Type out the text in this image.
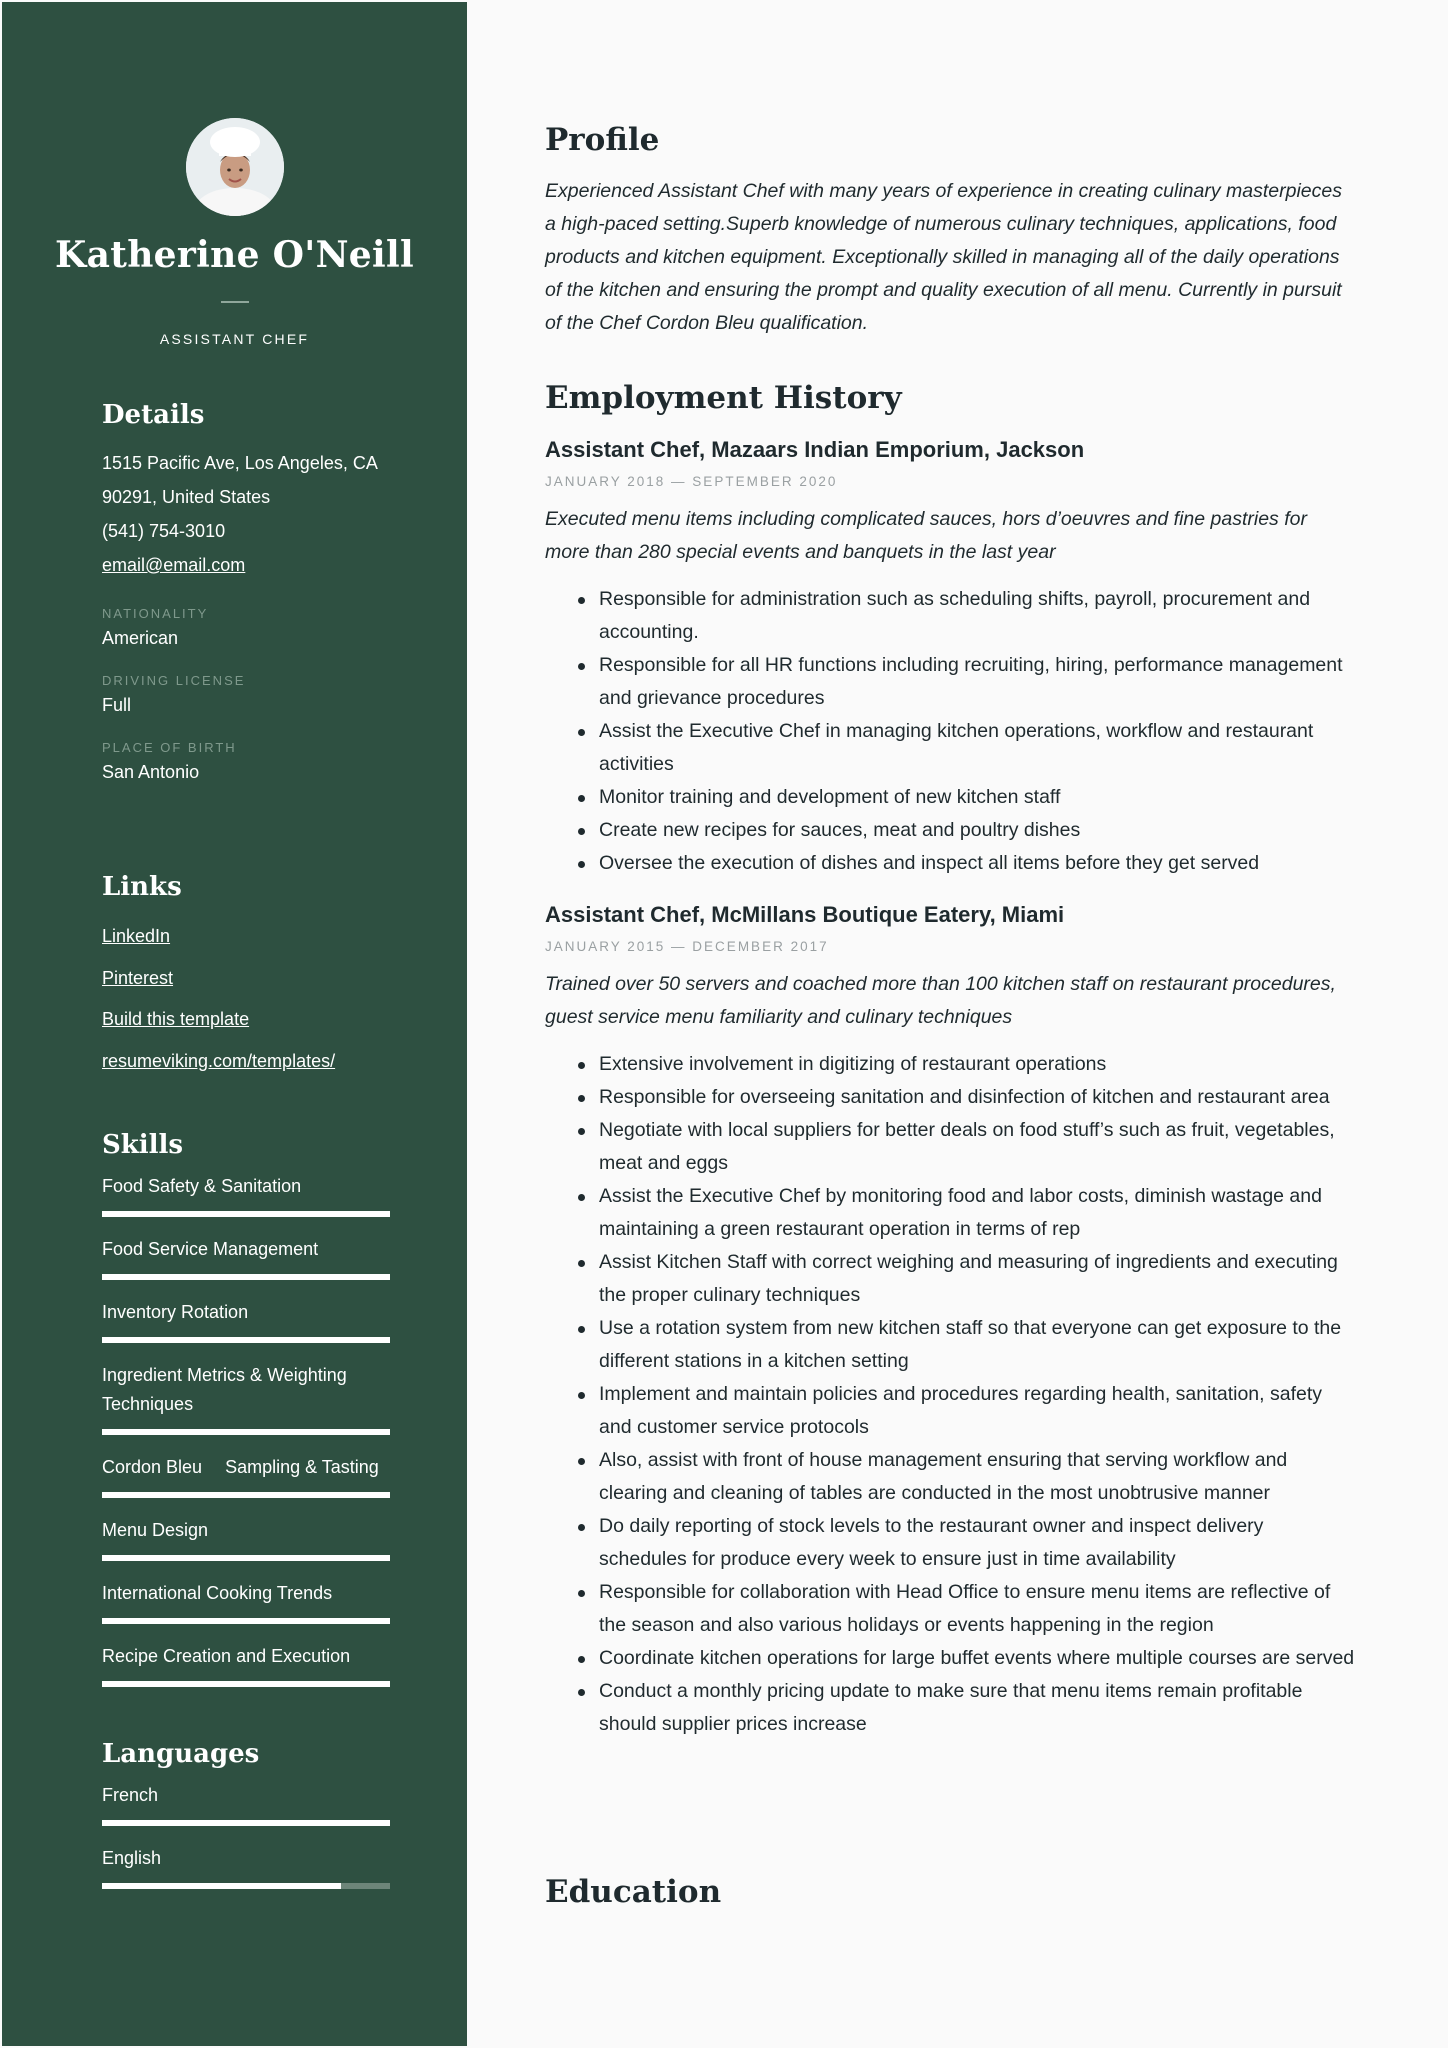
Katherine O'Neill
ASSISTANT CHEF
Details
1515 Pacific Ave, Los Angeles, CA
90291, United States
(541) 754-3010
email@email.com
NATIONALITY
American
DRIVING LICENSE
Full
PLACE OF BIRTH
San Antonio
Links
LinkedIn
Pinterest
Build this template
resumeviking.com/templates/
Skills
Food Safety & Sanitation
Food Service Management
Inventory Rotation
Ingredient Metrics & Weighting Techniques
Cordon Bleu  Sampling & Tasting
Menu Design
International Cooking Trends
Recipe Creation and Execution
Languages
French
English
Profile
Experienced Assistant Chef with many years of experience in creating culinary masterpieces a high-paced setting.Superb knowledge of numerous culinary techniques, applications, food products and kitchen equipment. Exceptionally skilled in managing all of the daily operations of the kitchen and ensuring the prompt and quality execution of all menu. Currently in pursuit of the Chef Cordon Bleu qualification.
Employment History
Assistant Chef, Mazaars Indian Emporium, Jackson
JANUARY 2018 — SEPTEMBER 2020
Executed menu items including complicated sauces, hors d’oeuvres and fine pastries for more than 280 special events and banquets in the last year
Responsible for administration such as scheduling shifts, payroll, procurement and accounting.
Responsible for all HR functions including recruiting, hiring, performance management and grievance procedures
Assist the Executive Chef in managing kitchen operations, workflow and restaurant activities
Monitor training and development of new kitchen staff
Create new recipes for sauces, meat and poultry dishes
Oversee the execution of dishes and inspect all items before they get served
Assistant Chef, McMillans Boutique Eatery, Miami
JANUARY 2015 — DECEMBER 2017
Trained over 50 servers and coached more than 100 kitchen staff on restaurant procedures, guest service menu familiarity and culinary techniques
Extensive involvement in digitizing of restaurant operations
Responsible for overseeing sanitation and disinfection of kitchen and restaurant area
Negotiate with local suppliers for better deals on food stuff’s such as fruit, vegetables, meat and eggs
Assist the Executive Chef by monitoring food and labor costs, diminish wastage and maintaining a green restaurant operation in terms of rep
Assist Kitchen Staff with correct weighing and measuring of ingredients and executing the proper culinary techniques
Use a rotation system from new kitchen staff so that everyone can get exposure to the different stations in a kitchen setting
Implement and maintain policies and procedures regarding health, sanitation, safety and customer service protocols
Also, assist with front of house management ensuring that serving workflow and clearing and cleaning of tables are conducted in the most unobtrusive manner
Do daily reporting of stock levels to the restaurant owner and inspect delivery schedules for produce every week to ensure just in time availability
Responsible for collaboration with Head Office to ensure menu items are reflective of the season and also various holidays or events happening in the region
Coordinate kitchen operations for large buffet events where multiple courses are served
Conduct a monthly pricing update to make sure that menu items remain profitable should supplier prices increase
Education
